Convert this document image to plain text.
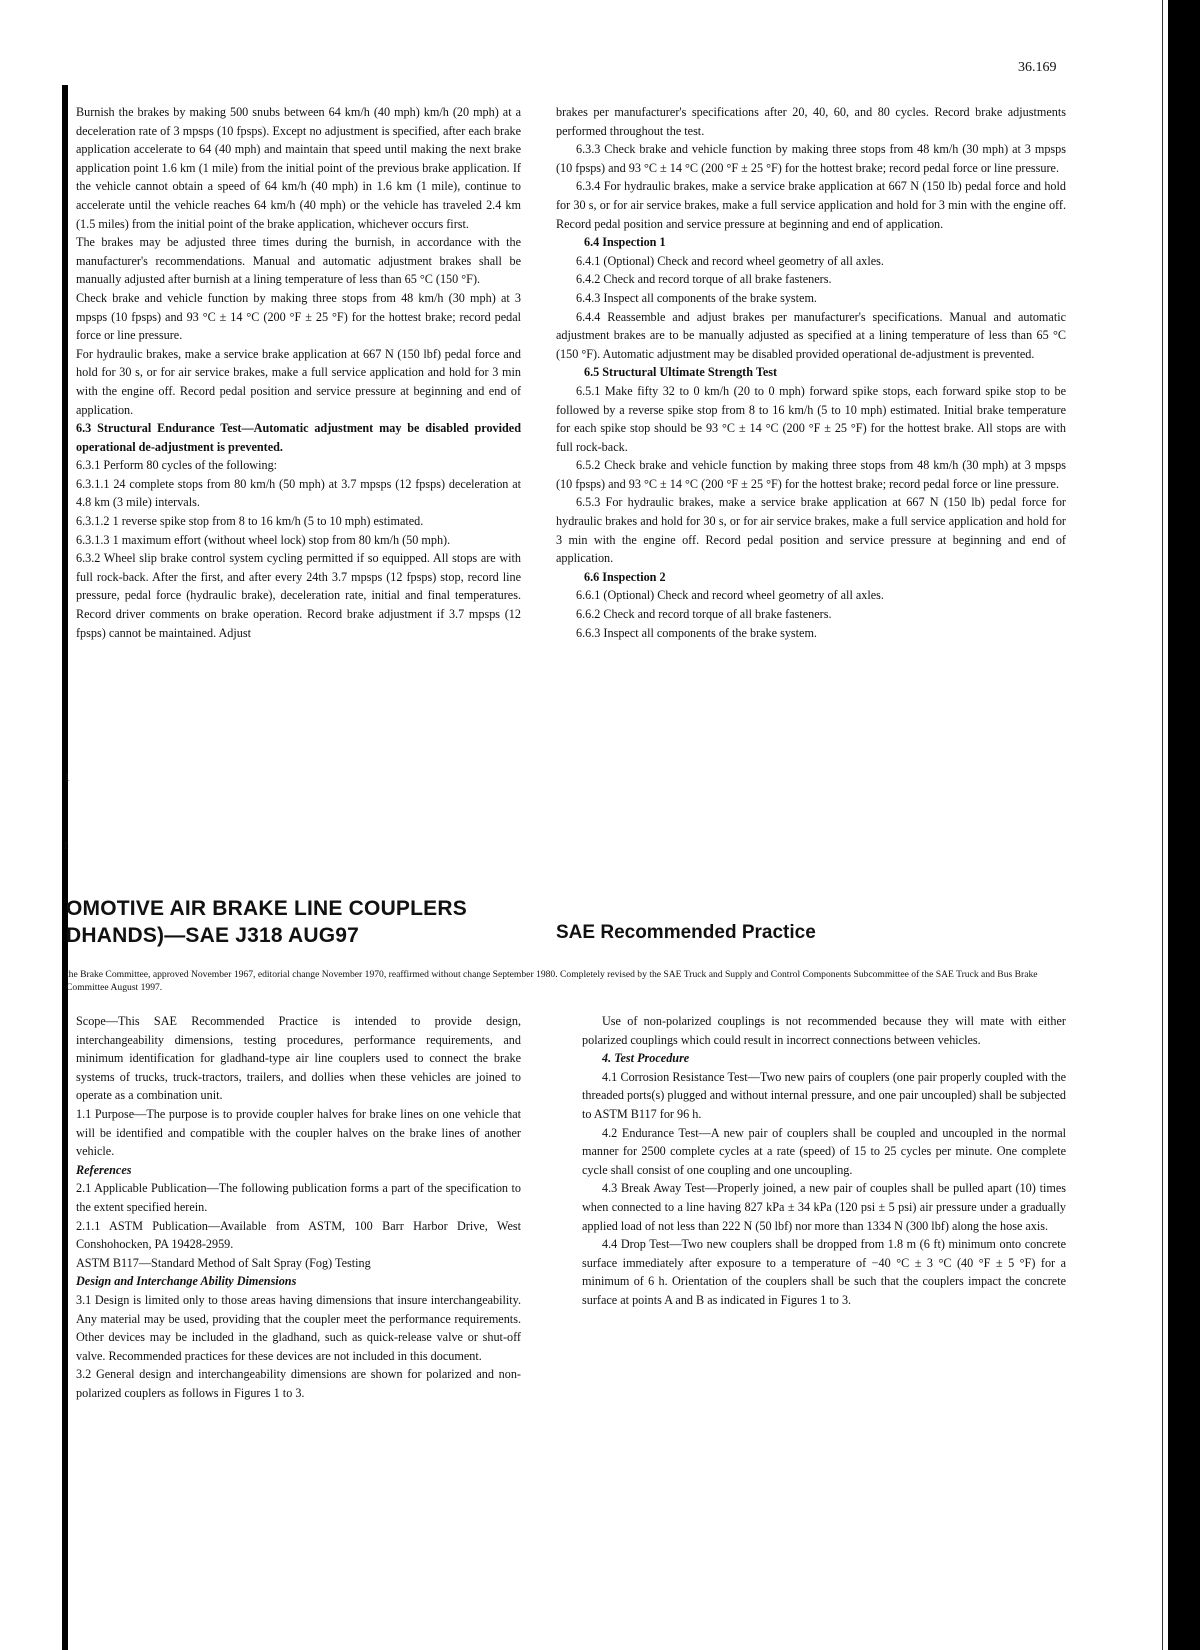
36.169

Burnish the brakes by making 500 snubs between 64 km/h (40 mph) km/h (20 mph) at a deceleration rate of 3 mpsps (10 fpsps). Except no adjustment is specified, after each brake application accelerate to 64 (40 mph) and maintain that speed until making the next brake application point 1.6 km (1 mile) from the initial point of the previous brake application. If the vehicle cannot obtain a speed of 64 km/h (40 mph) in 1.6 km (1 mile), continue to accelerate until the vehicle reaches 64 km/h (40 mph) or the vehicle has traveled 2.4 km (1.5 miles) from the initial point of the brake application, whichever occurs first.

The brakes may be adjusted three times during the burnish, in accordance with the manufacturer's recommendations. Manual and automatic adjustment brakes shall be manually adjusted after burnish at a lining temperature of less than 65 °C (150 °F).

Check brake and vehicle function by making three stops from 48 km/h (30 mph) at 3 mpsps (10 fpsps) and 93 °C ± 14 °C (200 °F ± 25 °F) for the hottest brake; record pedal force or line pressure.

For hydraulic brakes, make a service brake application at 667 N (150 lbf) pedal force and hold for 30 s, or for air service brakes, make a full service application and hold for 3 min with the engine off. Record pedal position and service pressure at beginning and end of application.

6.3 Structural Endurance Test—Automatic adjustment may be disabled provided operational de-adjustment is prevented.

6.3.1 Perform 80 cycles of the following:

6.3.1.1 24 complete stops from 80 km/h (50 mph) at 3.7 mpsps (12 fpsps) deceleration at 4.8 km (3 mile) intervals.

6.3.1.2 1 reverse spike stop from 8 to 16 km/h (5 to 10 mph) estimated.

6.3.1.3 1 maximum effort (without wheel lock) stop from 80 km/h (50 mph).

6.3.2 Wheel slip brake control system cycling permitted if so equipped. All stops are with full rock-back. After the first, and after every 24th 3.7 mpsps (12 fpsps) stop, record line pressure, pedal force (hydraulic brake), deceleration rate, initial and final temperatures. Record driver comments on brake operation. Record brake adjustment if 3.7 mpsps (12 fpsps) cannot be maintained. Adjust

brakes per manufacturer's specifications after 20, 40, 60, and 80 cycles. Record brake adjustments performed throughout the test.

6.3.3 Check brake and vehicle function by making three stops from 48 km/h (30 mph) at 3 mpsps (10 fpsps) and 93 °C ± 14 °C (200 °F ± 25 °F) for the hottest brake; record pedal force or line pressure.

6.3.4 For hydraulic brakes, make a service brake application at 667 N (150 lb) pedal force and hold for 30 s, or for air service brakes, make a full service application and hold for 3 min with the engine off. Record pedal position and service pressure at beginning and end of application.

6.4 Inspection 1

6.4.1 (Optional) Check and record wheel geometry of all axles.

6.4.2 Check and record torque of all brake fasteners.

6.4.3 Inspect all components of the brake system.

6.4.4 Reassemble and adjust brakes per manufacturer's specifications. Manual and automatic adjustment brakes are to be manually adjusted as specified at a lining temperature of less than 65 °C (150 °F). Automatic adjustment may be disabled provided operational de-adjustment is prevented.

6.5 Structural Ultimate Strength Test

6.5.1 Make fifty 32 to 0 km/h (20 to 0 mph) forward spike stops, each forward spike stop to be followed by a reverse spike stop from 8 to 16 km/h (5 to 10 mph) estimated. Initial brake temperature for each spike stop should be 93 °C ± 14 °C (200 °F ± 25 °F) for the hottest brake. All stops are with full rock-back.

6.5.2 Check brake and vehicle function by making three stops from 48 km/h (30 mph) at 3 mpsps (10 fpsps) and 93 °C ± 14 °C (200 °F ± 25 °F) for the hottest brake; record pedal force or line pressure.

6.5.3 For hydraulic brakes, make a service brake application at 667 N (150 lb) pedal force for hydraulic brakes and hold for 30 s, or for air service brakes, make a full service application and hold for 3 min with the engine off. Record pedal position and service pressure at beginning and end of application.

6.6 Inspection 2

6.6.1 (Optional) Check and record wheel geometry of all axles.

6.6.2 Check and record torque of all brake fasteners.

6.6.3 Inspect all components of the brake system.

1
f
OMOTIVE AIR BRAKE LINE COUPLERS
DHANDS)—SAE J318 AUG97	SAE Recommended Practice
the Brake Committee, approved November 1967, editorial change November 1970, reaffirmed without change September 1980. Completely revised by the SAE Truck and Supply and Control Components Subcommittee of the SAE Truck and Bus Brake Committee August 1997.

Scope—This SAE Recommended Practice is intended to provide design, interchangeability dimensions, testing procedures, performance requirements, and minimum identification for gladhand-type air line couplers used to connect the brake systems of trucks, truck-tractors, trailers, and dollies when these vehicles are joined to operate as a combination unit.

1.1 Purpose—The purpose is to provide coupler halves for brake lines on one vehicle that will be identified and compatible with the coupler halves on the brake lines of another vehicle.

References

2.1 Applicable Publication—The following publication forms a part of the specification to the extent specified herein.

2.1.1 ASTM Publication—Available from ASTM, 100 Barr Harbor Drive, West Conshohocken, PA 19428-2959.

ASTM B117—Standard Method of Salt Spray (Fog) Testing

Design and Interchange Ability Dimensions

3.1 Design is limited only to those areas having dimensions that insure interchangeability. Any material may be used, providing that the coupler meet the performance requirements. Other devices may be included in the gladhand, such as quick-release valve or shut-off valve. Recommended practices for these devices are not included in this document.

3.2 General design and interchangeability dimensions are shown for polarized and non-polarized couplers as follows in Figures 1 to 3.

Use of non-polarized couplings is not recommended because they will mate with either polarized couplings which could result in incorrect connections between vehicles.

4. Test Procedure

4.1 Corrosion Resistance Test—Two new pairs of couplers (one pair properly coupled with the threaded ports(s) plugged and without internal pressure, and one pair uncoupled) shall be subjected to ASTM B117 for 96 h.

4.2 Endurance Test—A new pair of couplers shall be coupled and uncoupled in the normal manner for 2500 complete cycles at a rate (speed) of 15 to 25 cycles per minute. One complete cycle shall consist of one coupling and one uncoupling.

4.3 Break Away Test—Properly joined, a new pair of couples shall be pulled apart (10) times when connected to a line having 827 kPa ± 34 kPa (120 psi ± 5 psi) air pressure under a gradually applied load of not less than 222 N (50 lbf) nor more than 1334 N (300 lbf) along the hose axis.

4.4 Drop Test—Two new couplers shall be dropped from 1.8 m (6 ft) minimum onto concrete surface immediately after exposure to a temperature of −40 °C ± 3 °C (40 °F ± 5 °F) for a minimum of 6 h. Orientation of the couplers shall be such that the couplers impact the concrete surface at points A and B as indicated in Figures 1 to 3.
